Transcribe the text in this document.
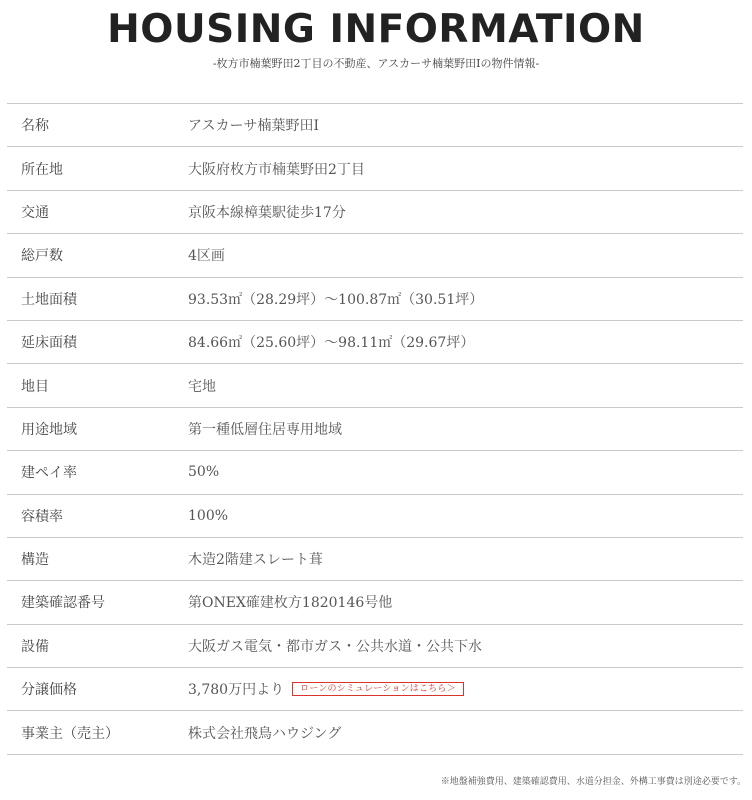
HOUSING INFORMATION
-枚方市楠葉野田2丁目の不動産、アスカーサ楠葉野田Ⅰの物件情報-
名称	アスカーサ楠葉野田Ⅰ
所在地	大阪府枚方市楠葉野田2丁目
交通	京阪本線樟葉駅徒歩17分
総戸数	4区画
土地面積	93.53㎡（28.29坪）～100.87㎡（30.51坪）
延床面積	84.66㎡（25.60坪）～98.11㎡（29.67坪）
地目	宅地
用途地域	第一種低層住居専用地域
建ペイ率	50%
容積率	100%
構造	木造2階建スレート葺
建築確認番号	第ONEX確建枚方1820146号他
設備	大阪ガス電気・都市ガス・公共水道・公共下水
分譲価格	3,780万円より	ローンのシミュレーションはこちら＞
事業主（売主）	株式会社飛鳥ハウジング
※地盤補強費用、建築確認費用、水道分担金、外構工事費は別途必要です。
